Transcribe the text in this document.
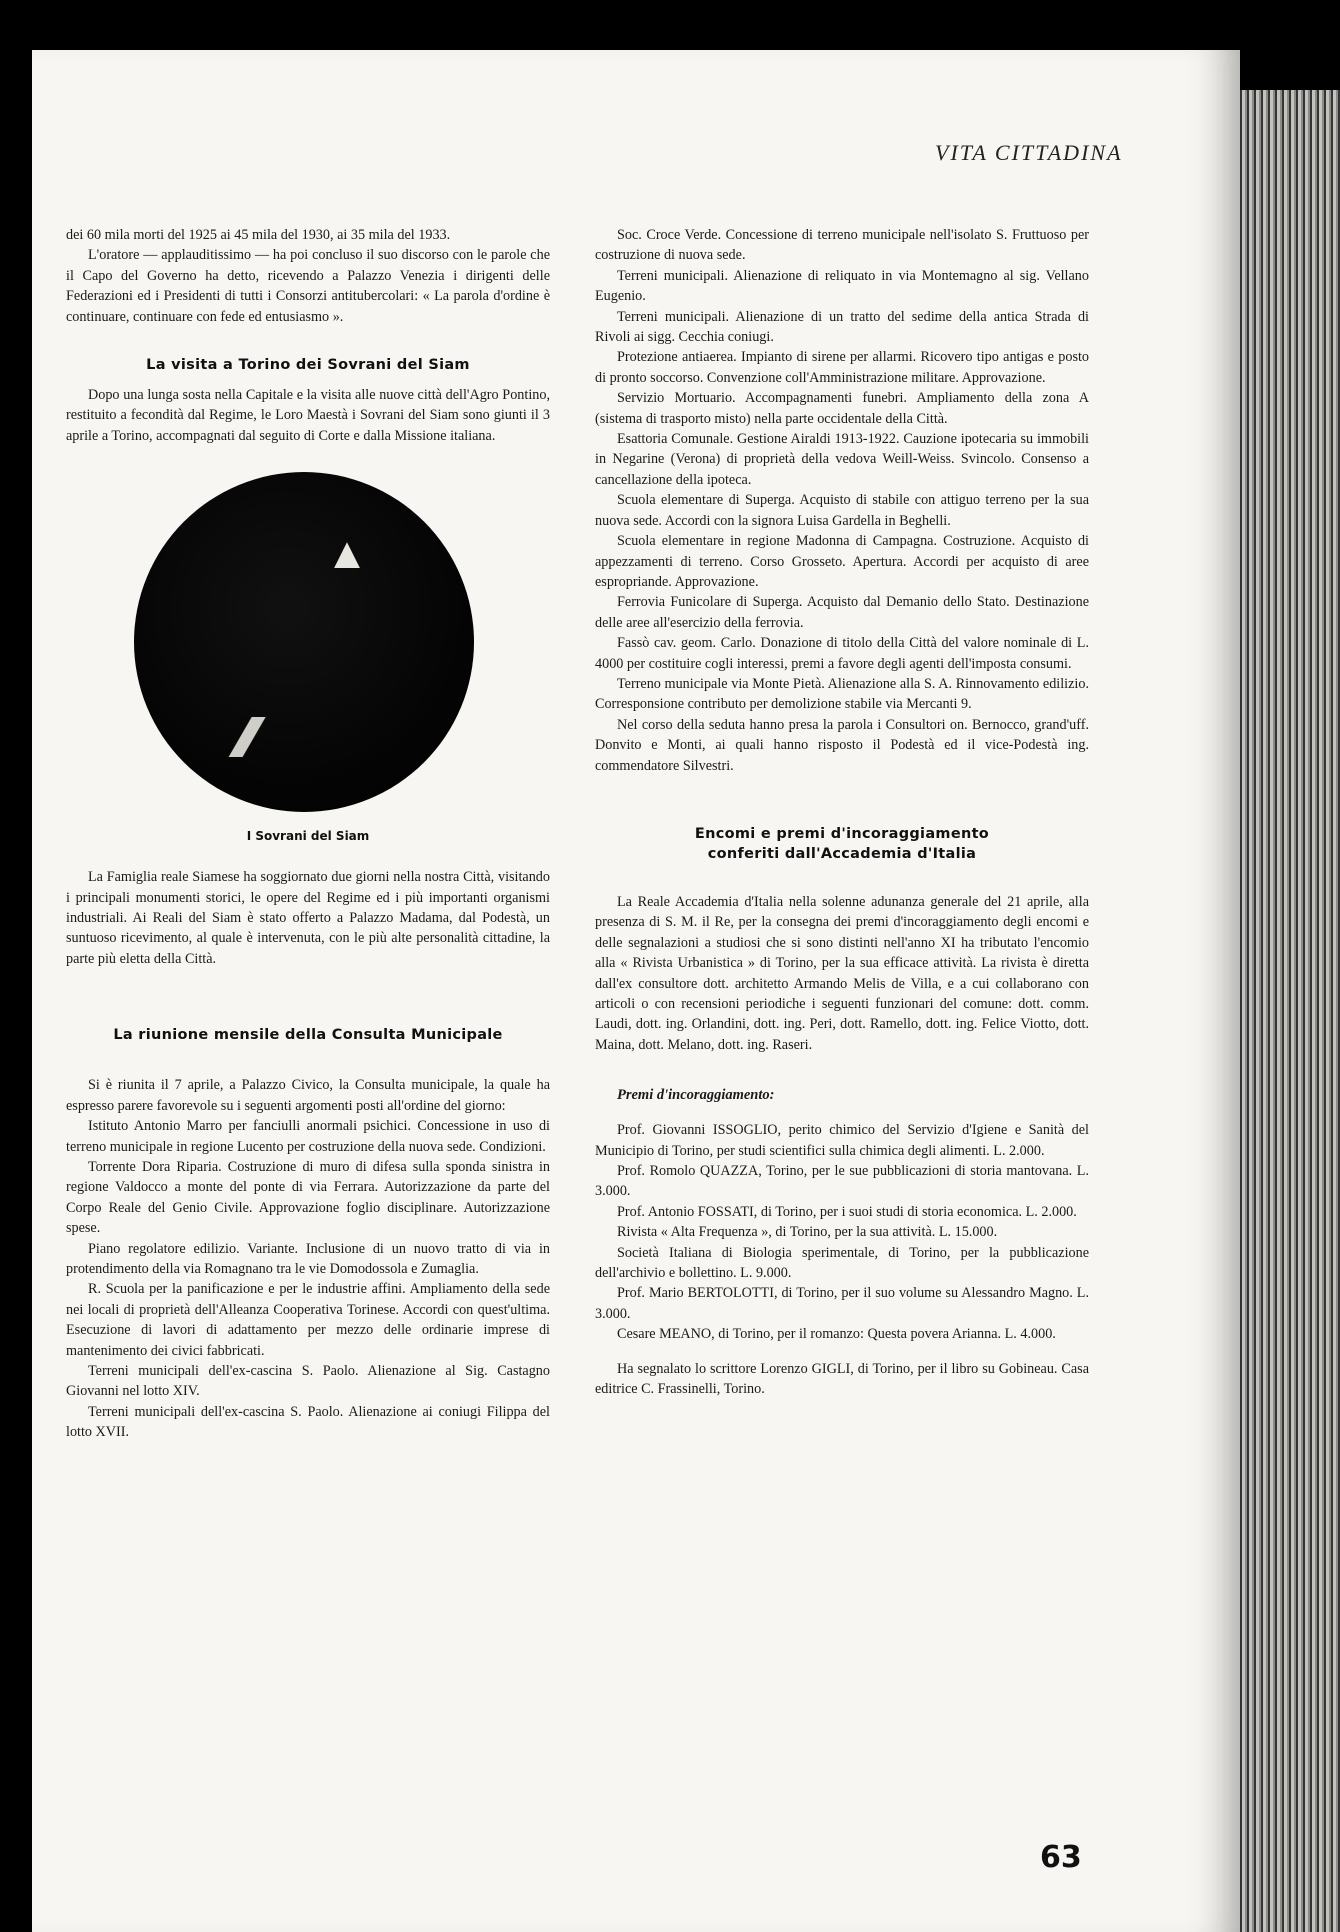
VITA CITTADINA

dei 60 mila morti del 1925 ai 45 mila del 1930, ai 35 mila del 1933.

L'oratore — applauditissimo — ha poi concluso il suo discorso con le parole che il Capo del Governo ha detto, ricevendo a Palazzo Venezia i dirigenti delle Federazioni ed i Presidenti di tutti i Consorzi antitubercolari: « La parola d'ordine è continuare, continuare con fede ed entusiasmo ».

La visita a Torino dei Sovrani del Siam

Dopo una lunga sosta nella Capitale e la visita alle nuove città dell'Agro Pontino, restituito a fecondità dal Regime, le Loro Maestà i Sovrani del Siam sono giunti il 3 aprile a Torino, accompagnati dal seguito di Corte e dalla Missione italiana.

I Sovrani del Siam

La Famiglia reale Siamese ha soggiornato due giorni nella nostra Città, visitando i principali monumenti storici, le opere del Regime ed i più importanti organismi industriali. Ai Reali del Siam è stato offerto a Palazzo Madama, dal Podestà, un suntuoso ricevimento, al quale è intervenuta, con le più alte personalità cittadine, la parte più eletta della Città.

La riunione mensile della Consulta Municipale

Si è riunita il 7 aprile, a Palazzo Civico, la Consulta municipale, la quale ha espresso parere favorevole su i seguenti argomenti posti all'ordine del giorno:

Istituto Antonio Marro per fanciulli anormali psichici. Concessione in uso di terreno municipale in regione Lucento per costruzione della nuova sede. Condizioni.

Torrente Dora Riparia. Costruzione di muro di difesa sulla sponda sinistra in regione Valdocco a monte del ponte di via Ferrara. Autorizzazione da parte del Corpo Reale del Genio Civile. Approvazione foglio disciplinare. Autorizzazione spese.

Piano regolatore edilizio. Variante. Inclusione di un nuovo tratto di via in protendimento della via Romagnano tra le vie Domodossola e Zumaglia.

R. Scuola per la panificazione e per le industrie affini. Ampliamento della sede nei locali di proprietà dell'Alleanza Cooperativa Torinese. Accordi con quest'ultima. Esecuzione di lavori di adattamento per mezzo delle ordinarie imprese di mantenimento dei civici fabbricati.

Terreni municipali dell'ex-cascina S. Paolo. Alienazione al Sig. Castagno Giovanni nel lotto XIV.

Terreni municipali dell'ex-cascina S. Paolo. Alienazione ai coniugi Filippa del lotto XVII.

Soc. Croce Verde. Concessione di terreno municipale nell'isolato S. Fruttuoso per costruzione di nuova sede.

Terreni municipali. Alienazione di reliquato in via Montemagno al sig. Vellano Eugenio.

Terreni municipali. Alienazione di un tratto del sedime della antica Strada di Rivoli ai sigg. Cecchia coniugi.

Protezione antiaerea. Impianto di sirene per allarmi. Ricovero tipo antigas e posto di pronto soccorso. Convenzione coll'Amministrazione militare. Approvazione.

Servizio Mortuario. Accompagnamenti funebri. Ampliamento della zona A (sistema di trasporto misto) nella parte occidentale della Città.

Esattoria Comunale. Gestione Airaldi 1913-1922. Cauzione ipotecaria su immobili in Negarine (Verona) di proprietà della vedova Weill-Weiss. Svincolo. Consenso a cancellazione della ipoteca.

Scuola elementare di Superga. Acquisto di stabile con attiguo terreno per la sua nuova sede. Accordi con la signora Luisa Gardella in Beghelli.

Scuola elementare in regione Madonna di Campagna. Costruzione. Acquisto di appezzamenti di terreno. Corso Grosseto. Apertura. Accordi per acquisto di aree espropriande. Approvazione.

Ferrovia Funicolare di Superga. Acquisto dal Demanio dello Stato. Destinazione delle aree all'esercizio della ferrovia.

Fassò cav. geom. Carlo. Donazione di titolo della Città del valore nominale di L. 4000 per costituire cogli interessi, premi a favore degli agenti dell'imposta consumi.

Terreno municipale via Monte Pietà. Alienazione alla S. A. Rinnovamento edilizio. Corresponsione contributo per demolizione stabile via Mercanti 9.

Nel corso della seduta hanno presa la parola i Consultori on. Bernocco, grand'uff. Donvito e Monti, ai quali hanno risposto il Podestà ed il vice-Podestà ing. commendatore Silvestri.

Encomi e premi d'incoraggiamento
conferiti dall'Accademia d'Italia

La Reale Accademia d'Italia nella solenne adunanza generale del 21 aprile, alla presenza di S. M. il Re, per la consegna dei premi d'incoraggiamento degli encomi e delle segnalazioni a studiosi che si sono distinti nell'anno XI ha tributato l'encomio alla « Rivista Urbanistica » di Torino, per la sua efficace attività. La rivista è diretta dall'ex consultore dott. architetto Armando Melis de Villa, e a cui collaborano con articoli o con recensioni periodiche i seguenti funzionari del comune: dott. comm. Laudi, dott. ing. Orlandini, dott. ing. Peri, dott. Ramello, dott. ing. Felice Viotto, dott. Maina, dott. Melano, dott. ing. Raseri.

Premi d'incoraggiamento:

Prof. Giovanni ISSOGLIO, perito chimico del Servizio d'Igiene e Sanità del Municipio di Torino, per studi scientifici sulla chimica degli alimenti. L. 2.000.

Prof. Romolo QUAZZA, Torino, per le sue pubblicazioni di storia mantovana. L. 3.000.

Prof. Antonio FOSSATI, di Torino, per i suoi studi di storia economica. L. 2.000.

Rivista « Alta Frequenza », di Torino, per la sua attività. L. 15.000.

Società Italiana di Biologia sperimentale, di Torino, per la pubblicazione dell'archivio e bollettino. L. 9.000.

Prof. Mario BERTOLOTTI, di Torino, per il suo volume su Alessandro Magno. L. 3.000.

Cesare MEANO, di Torino, per il romanzo: Questa povera Arianna. L. 4.000.

Ha segnalato lo scrittore Lorenzo GIGLI, di Torino, per il libro su Gobineau. Casa editrice C. Frassinelli, Torino.

63
